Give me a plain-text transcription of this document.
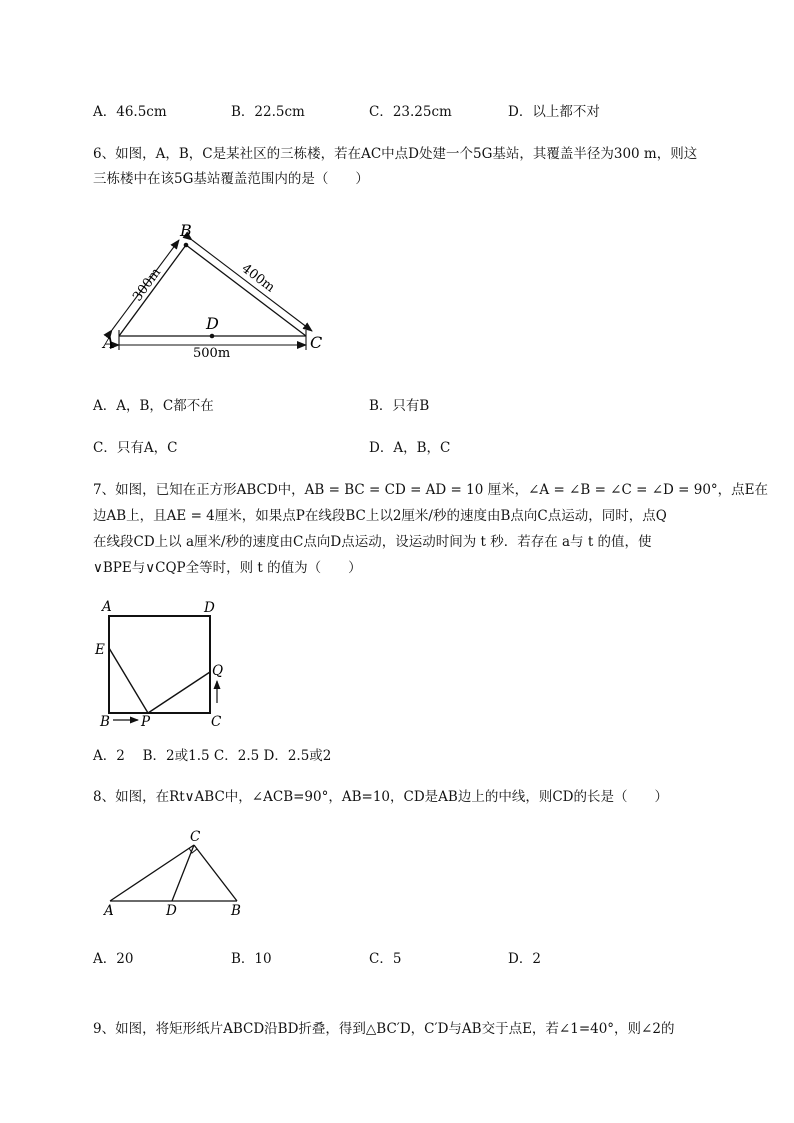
A．46.5cm	B．22.5cm	C．23.25cm	D．以上都不对
6、如图，A，B，C是某社区的三栋楼，若在AC中点D处建一个5G基站，其覆盖半径为300 m，则这
三栋楼中在该5G基站覆盖范围内的是（　　）
B
A	C
D
300m	400m
500m
A．A，B，C都不在	B．只有B
C．只有A，C	D．A，B，C
7、如图，已知在正方形ABCD中，AB = BC = CD = AD = 10 厘米，∠A = ∠B = ∠C = ∠D = 90°，点E在
边AB上，且AE = 4厘米，如果点P在线段BC上以2厘米/秒的速度由B点向C点运动，同时，点Q
在线段CD上以 a厘米/秒的速度由C点向D点运动，设运动时间为 t 秒．若存在 a与 t 的值，使
∨BPE与∨CQP全等时，则 t 的值为（　　）
A	D
E
Q
B P	C
A．2　 B．2或1.5 C．2.5 D．2.5或2
8、如图，在Rt∨ABC中，∠ACB=90°，AB=10，CD是AB边上的中线，则CD的长是（　　）
C
A	D	B
A．20	B．10	C．5	D．2
9、如图，将矩形纸片ABCD沿BD折叠，得到△BC′D，C′D与AB交于点E，若∠1=40°，则∠2的
